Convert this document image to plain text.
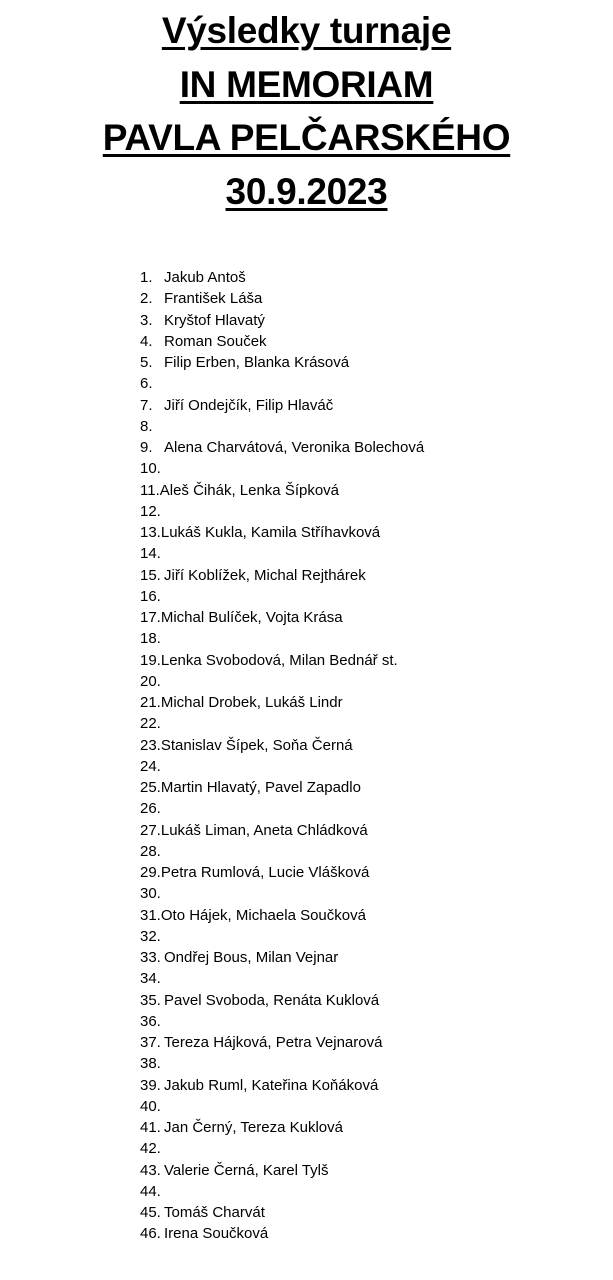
Výsledky turnaje
IN MEMORIAM
PAVLA PELČARSKÉHO
30.9.2023
1. Jakub Antoš
2. František Láša
3. Kryštof Hlavatý
4. Roman Souček
5. Filip Erben, Blanka Krásová
6.
7. Jiří Ondejčík, Filip Hlaváč
8.
9. Alena Charvátová, Veronika Bolechová
10.
11. Aleš Čihák, Lenka Šípková
12.
13. Lukáš Kukla, Kamila Stříhavková
14.
15. Jiří Koblížek, Michal Rejthárek
16.
17. Michal Bulíček, Vojta Krása
18.
19. Lenka Svobodová, Milan Bednář st.
20.
21. Michal Drobek, Lukáš Lindr
22.
23. Stanislav Šípek, Soňa Černá
24.
25. Martin Hlavatý, Pavel Zapadlo
26.
27. Lukáš Liman, Aneta Chládková
28.
29. Petra Rumlová, Lucie Vlášková
30.
31. Oto Hájek, Michaela Součková
32.
33. Ondřej Bous, Milan Vejnar
34.
35. Pavel Svoboda, Renáta Kuklová
36.
37. Tereza Hájková, Petra Vejnarová
38.
39. Jakub Ruml, Kateřina Koňáková
40.
41. Jan Černý, Tereza Kuklová
42.
43. Valerie Černá, Karel Tylš
44.
45. Tomáš Charvát
46. Irena Součková
